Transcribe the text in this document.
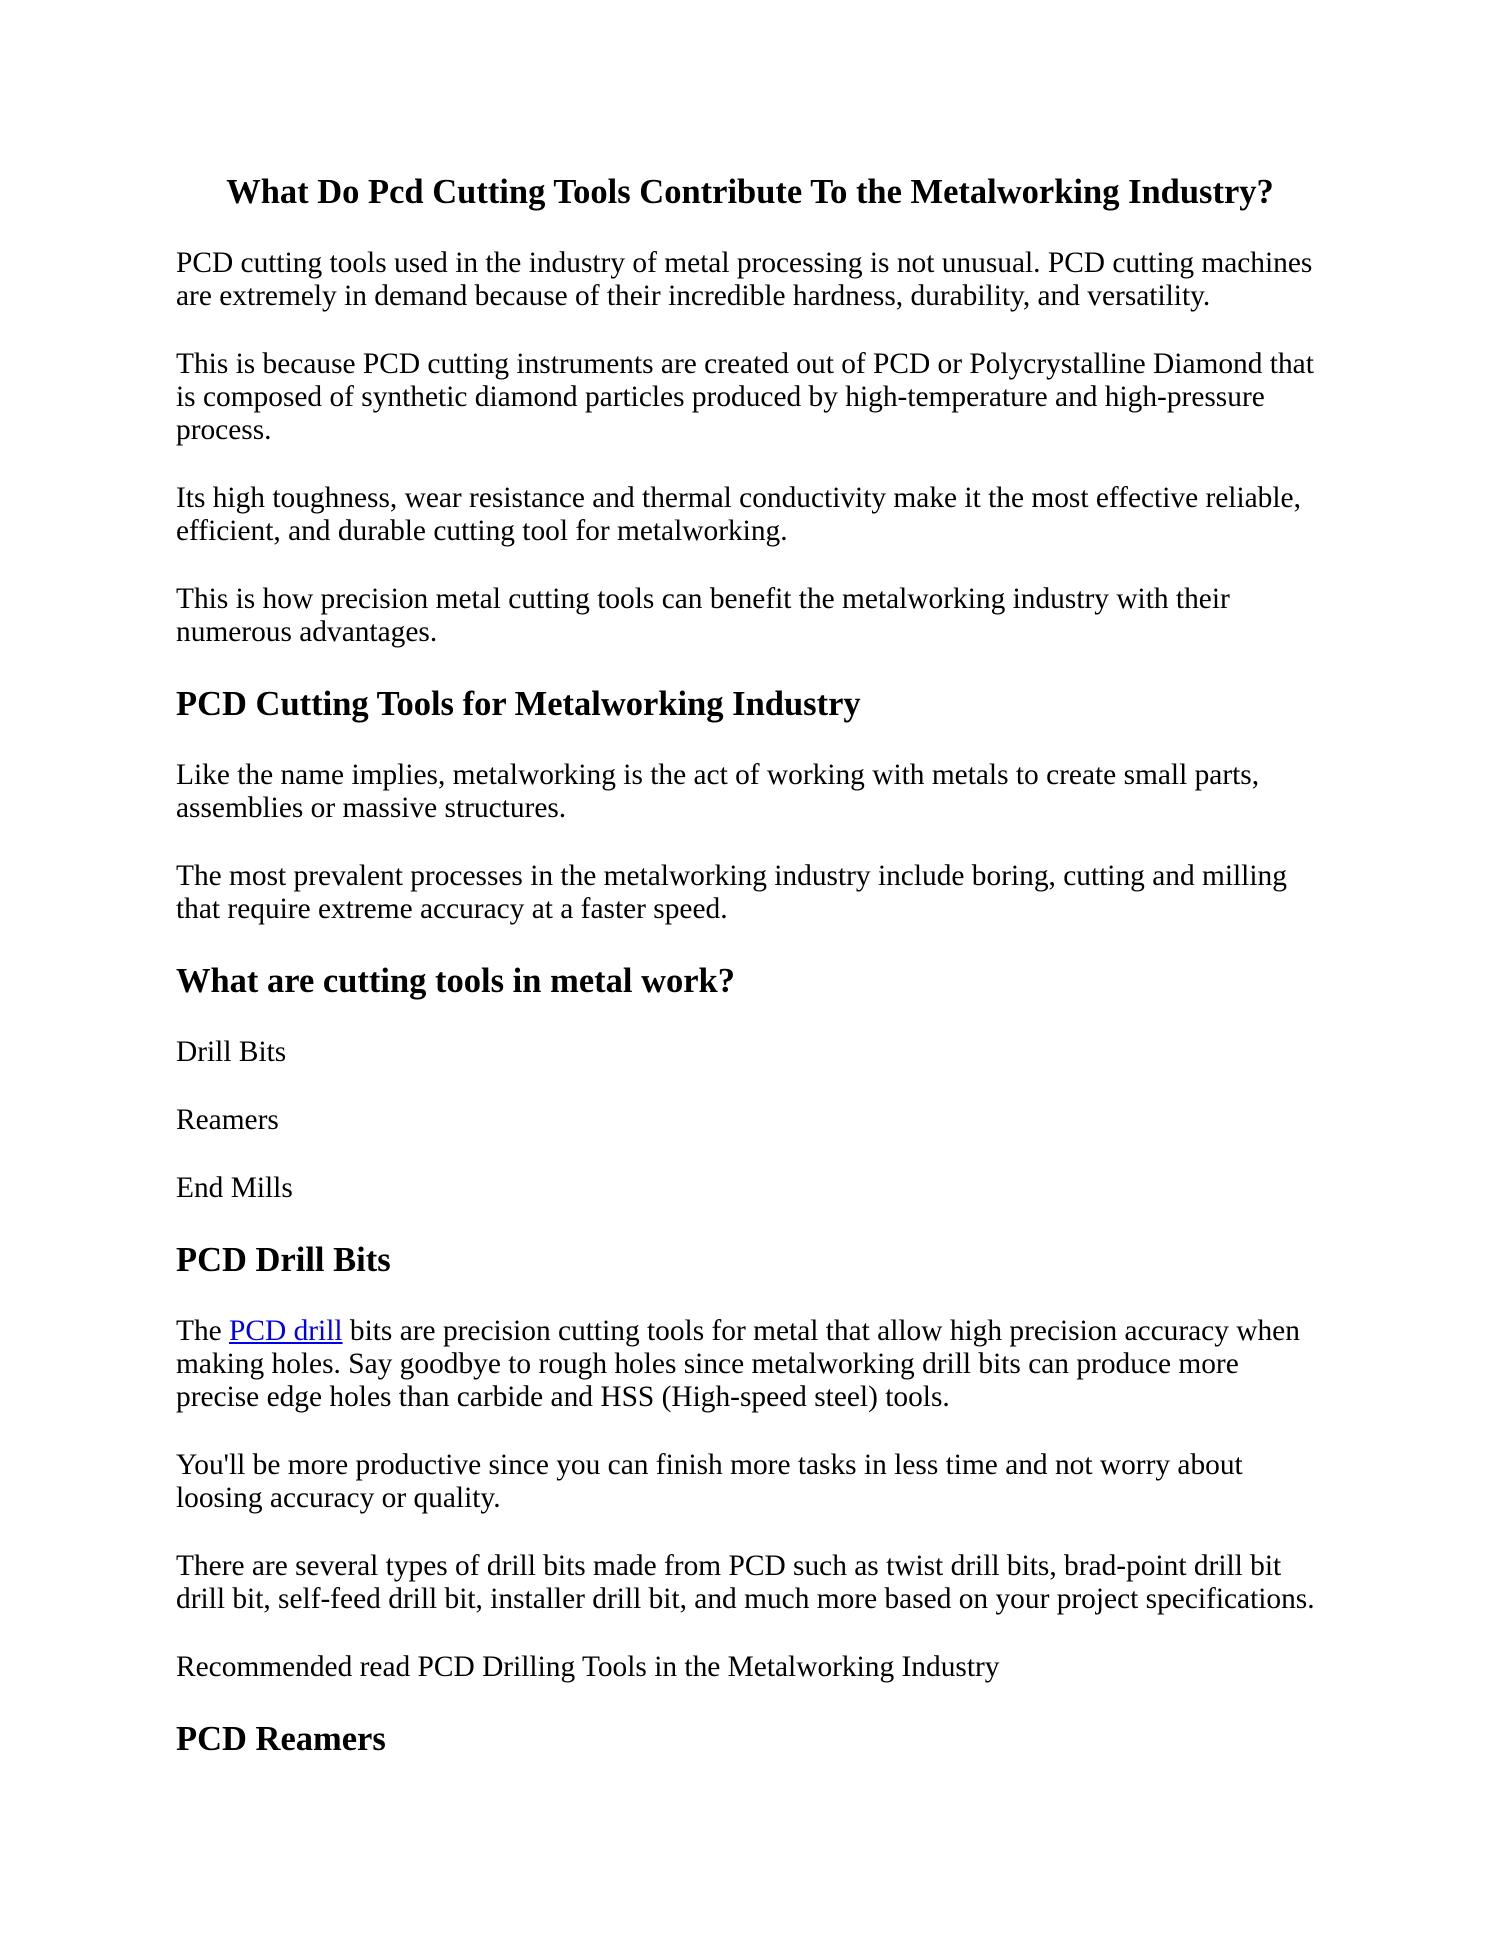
What Do Pcd Cutting Tools Contribute To the Metalworking Industry?

PCD cutting tools used in the industry of metal processing is not unusual. PCD cutting machines are extremely in demand because of their incredible hardness, durability, and versatility.

This is because PCD cutting instruments are created out of PCD or Polycrystalline Diamond that is composed of synthetic diamond particles produced by high-temperature and high-pressure process.

Its high toughness, wear resistance and thermal conductivity make it the most effective reliable, efficient, and durable cutting tool for metalworking.

This is how precision metal cutting tools can benefit the metalworking industry with their numerous advantages.

PCD Cutting Tools for Metalworking Industry

Like the name implies, metalworking is the act of working with metals to create small parts, assemblies or massive structures.

The most prevalent processes in the metalworking industry include boring, cutting and milling that require extreme accuracy at a faster speed.

What are cutting tools in metal work?

Drill Bits

Reamers

End Mills

PCD Drill Bits

The PCD drill bits are precision cutting tools for metal that allow high precision accuracy when making holes. Say goodbye to rough holes since metalworking drill bits can produce more precise edge holes than carbide and HSS (High-speed steel) tools.

You'll be more productive since you can finish more tasks in less time and not worry about loosing accuracy or quality.

There are several types of drill bits made from PCD such as twist drill bits, brad-point drill bit drill bit, self-feed drill bit, installer drill bit, and much more based on your project specifications.

Recommended read PCD Drilling Tools in the Metalworking Industry

PCD Reamers
